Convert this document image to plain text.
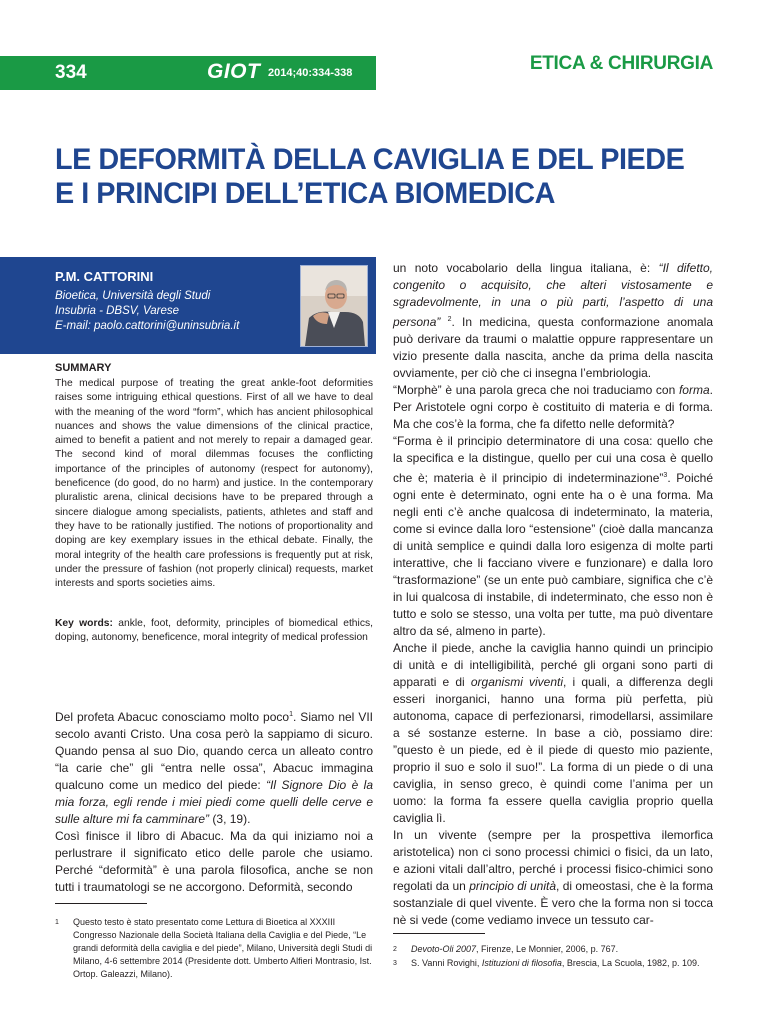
334	GIOT 2014;40:334-338	ETICA & CHIRURGIA
LE DEFORMITÀ DELLA CAVIGLIA E DEL PIEDE
E I PRINCIPI DELL’ETICA BIOMEDICA
P.M. CATTORINI
Bioetica, Università degli Studi
Insubria - DBSV, Varese
E-mail: paolo.cattorini@uninsubria.it
SUMMARY

The medical purpose of treating the great ankle-foot deformities raises some intriguing ethical questions. First of all we have to deal with the meaning of the word “form”, which has ancient philosophical nuances and shows the value dimensions of the clinical practice, aimed to benefit a patient and not merely to repair a damaged gear. The second kind of moral dilemmas focuses the conflicting importance of the principles of autonomy (respect for autonomy), beneficence (do good, do no harm) and justice. In the contemporary pluralistic arena, clinical decisions have to be prepared through a sincere dialogue among specialists, patients, athletes and staff and they have to be rationally justified. The notions of proportionality and doping are key exemplary issues in the ethical debate. Finally, the moral integrity of the health care professions is frequently put at risk, under the pressure of fashion (not properly clinical) requests, market interests and sports societies aims.

Key words: ankle, foot, deformity, principles of biomedical ethics, doping, autonomy, beneficence, moral integrity of medical profession

Del profeta Abacuc conosciamo molto poco$^1$. Siamo nel VII secolo avanti Cristo. Una cosa però la sappiamo di sicuro. Quando pensa al suo Dio, quando cerca un alleato contro “la carie che” gli “entra nelle ossa”, Abacuc immagina qualcuno come un medico del piede: “Il Signore Dio è la mia forza, egli rende i miei piedi come quelli delle cerve e sulle alture mi fa camminare” (3, 19).

Così finisce il libro di Abacuc. Ma da qui iniziamo noi a perlustrare il significato etico delle parole che usiamo. Perché “deformità” è una parola filosofica, anche se non tutti i traumatologi se ne accorgono. Deformità, secondo

un noto vocabolario della lingua italiana, è: “Il difetto, congenito o acquisito, che alteri vistosamente e sgradevolmente, in una o più parti, l’aspetto di una persona” $^2$. In medicina, questa conformazione anomala può derivare da traumi o malattie oppure rappresentare un vizio presente dalla nascita, anche da prima della nascita ovviamente, per ciò che ci insegna l’embriologia.

“Morphè” è una parola greca che noi traduciamo con forma. Per Aristotele ogni corpo è costituito di materia e di forma. Ma che cos’è la forma, che fa difetto nelle deformità?

“Forma è il principio determinatore di una cosa: quello che la specifica e la distingue, quello per cui una cosa è quello che è; materia è il principio di indeterminazione”$^3$. Poiché ogni ente è determinato, ogni ente ha o è una forma. Ma negli enti c’è anche qualcosa di indeterminato, la materia, come si evince dalla loro “estensione” (cioè dalla mancanza di unità semplice e quindi dalla loro esigenza di molte parti interattive, che li facciano vivere e funzionare) e dalla loro “trasformazione” (se un ente può cambiare, significa che c’è in lui qualcosa di instabile, di indeterminato, che esso non è tutto e solo se stesso, una volta per tutte, ma può diventare altro da sé, almeno in parte).

Anche il piede, anche la caviglia hanno quindi un principio di unità e di intelligibilità, perché gli organi sono parti di apparati e di organismi viventi, i quali, a differenza degli esseri inorganici, hanno una forma più perfetta, più autonoma, capace di perfezionarsi, rimodellarsi, assimilare a sé sostanze esterne. In base a ciò, possiamo dire: ”questo è un piede, ed è il piede di questo mio paziente, proprio il suo e solo il suo!”. La forma di un piede o di una caviglia, in senso greco, è quindi come l’anima per un uomo: la forma fa essere quella caviglia proprio quella caviglia lì.

In un vivente (sempre per la prospettiva ilemorfica aristotelica) non ci sono processi chimici o fisici, da un lato, e azioni vitali dall’altro, perché i processi fisico-chimici sono regolati da un principio di unità, di omeostasi, che è la forma sostanziale di quel vivente. È vero che la forma non si tocca nè si vede (come vediamo invece un tessuto car-

1 Questo testo è stato presentato come Lettura di Bioetica al XXXIII Congresso Nazionale della Società Italiana della Caviglia e del Piede, “Le grandi deformità della caviglia e del piede”, Milano, Università degli Studi di Milano, 4-6 settembre 2014 (Presidente dott. Umberto Alfieri Montrasio, Ist. Ortop. Galeazzi, Milano).

2 Devoto-Oli 2007, Firenze, Le Monnier, 2006, p. 767.

3 S. Vanni Rovighi, Istituzioni di filosofia, Brescia, La Scuola, 1982, p. 109.
